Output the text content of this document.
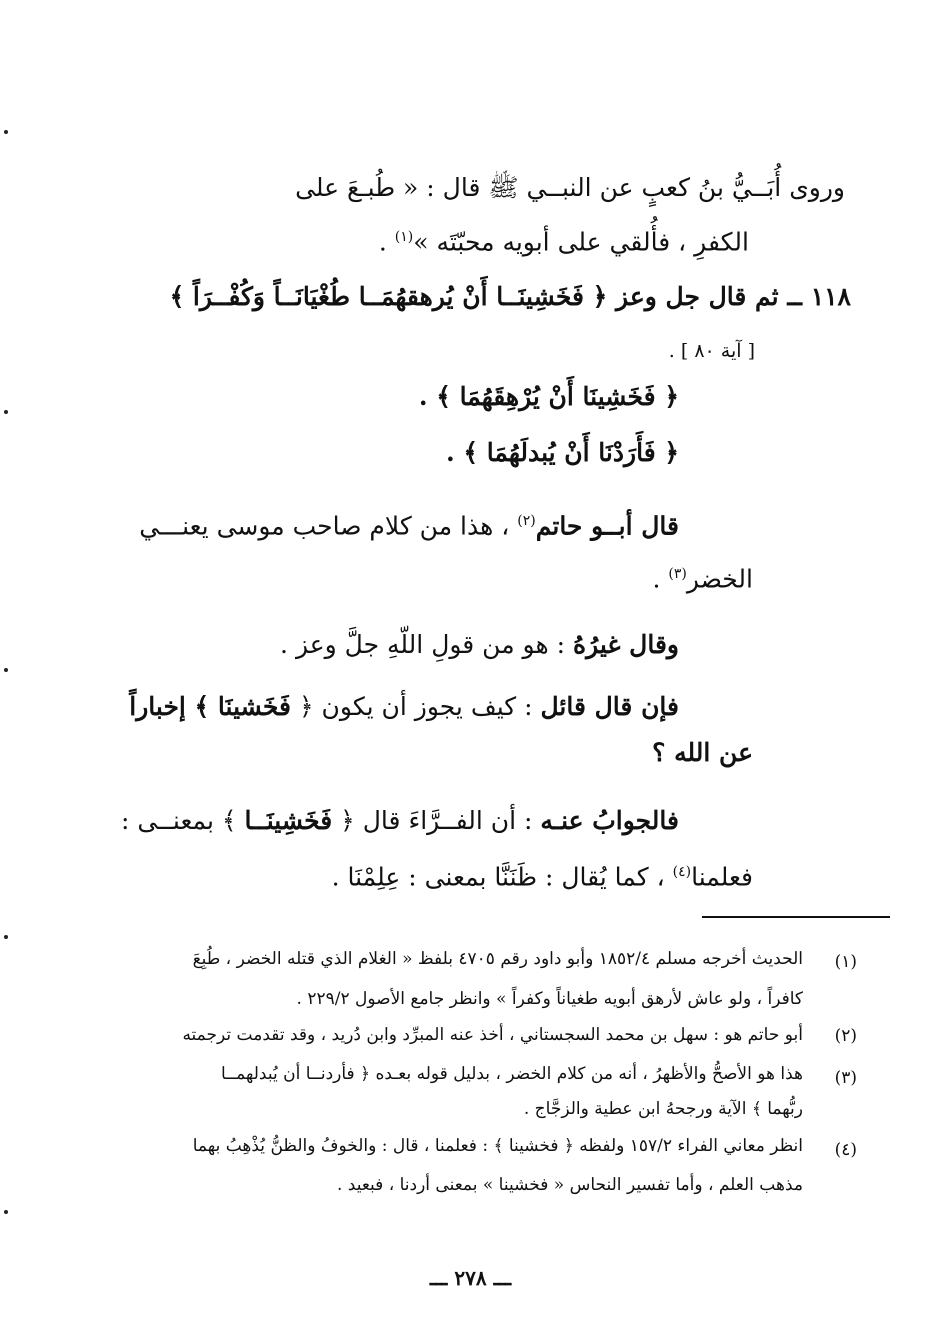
وروى أُبَــيُّ بنُ كعبٍ عن النبــي ﷺ قال : « طُبـعَ على
الكفرِ ، فأُلقي على أبويه محبّتَه »$^{(١)}$ .
١١٨ ــ ثم قال جل وعز ﴿ فَخَشِينَــا أَنْ يُرهقهُمَــا طُغْيَانَــاً وَكُفْــرَاً ﴾
[ آية ٨٠ ] .
﴿ فَخَشِينَا أَنْ يُرْهِقَهُمَا ﴾ .
﴿ فَأَرَدْنَا أَنْ يُبدلَهُمَا ﴾ .
قال أبــو حاتم$^{(٢)}$ ، هذا من كلام صاحب موسى يعنـــي
الخضر$^{(٣)}$ .
وقال غيرُهُ : هو من قولِ اللّهِ جلَّ وعز .
فإن قال قائل : كيف يجوز أن يكون ﴿ فَخَشينَا ﴾ إخباراً
عن الله ؟
فالجوابُ عنـه : أن الفــرَّاءَ قال ﴿ فَخَشِينَــا ﴾ بمعنــى :
فعلمنا$^{(٤)}$ ، كما يُقال : ظَنَنَّا بمعنى : عِلِمْنَا .
(١)
الحديث أخرجه مسلم ١٨٥٢/٤ وأبو داود رقم ٤٧٠٥ بلفظ « الغلام الذي قتله الخضر ، طُبِعَ
كافراً ، ولو عاش لأرهق أبويه طغياناً وكفراً » وانظر جامع الأصول ٢٢٩/٢ .
(٢)
أبو حاتم هو : سهل بن محمد السجستاني ، أخذ عنه المبرِّد وابن دُريد ، وقد تقدمت ترجمته
(٣)
هذا هو الأصحُّ والأظهرُ ، أنه من كلام الخضر ، بدليل قوله بعـده ﴿ فأردنــا أن يُبدلهمــا
ربُّهما ﴾ الآية ورجحهُ ابن عطية والزجَّاج .
(٤)
انظر معاني الفراء ١٥٧/٢ ولفظه ﴿ فخشينا ﴾ : فعلمنا ، قال : والخوفُ والظنُّ يُذْهِبُ بهما
مذهب العلم ، وأما تفسير النحاس « فخشينا » بمعنى أردنا ، فبعيد .
ـــ ٢٧٨ ـــ
